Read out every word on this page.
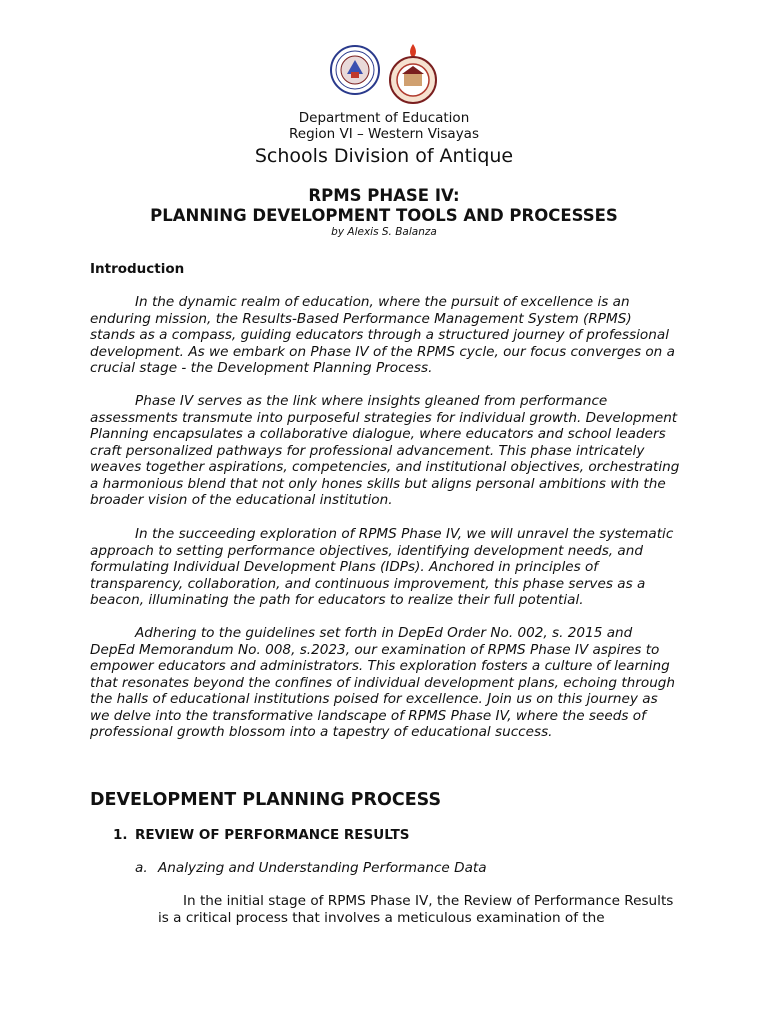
Department of Education
Region VI – Western Visayas
Schools Division of Antique
RPMS PHASE IV:
PLANNING DEVELOPMENT TOOLS AND PROCESSES
by Alexis S. Balanza
Introduction

In the dynamic realm of education, where the pursuit of excellence is an enduring mission, the Results-Based Performance Management System (RPMS) stands as a compass, guiding educators through a structured journey of professional development. As we embark on Phase IV of the RPMS cycle, our focus converges on a crucial stage - the Development Planning Process.

Phase IV serves as the link where insights gleaned from performance assessments transmute into purposeful strategies for individual growth. Development Planning encapsulates a collaborative dialogue, where educators and school leaders craft personalized pathways for professional advancement. This phase intricately weaves together aspirations, competencies, and institutional objectives, orchestrating a harmonious blend that not only hones skills but aligns personal ambitions with the broader vision of the educational institution.

In the succeeding exploration of RPMS Phase IV, we will unravel the systematic approach to setting performance objectives, identifying development needs, and formulating Individual Development Plans (IDPs). Anchored in principles of transparency, collaboration, and continuous improvement, this phase serves as a beacon, illuminating the path for educators to realize their full potential.

Adhering to the guidelines set forth in DepEd Order No. 002, s. 2015 and DepEd Memorandum No. 008, s.2023, our examination of RPMS Phase IV aspires to empower educators and administrators. This exploration fosters a culture of learning that resonates beyond the confines of individual development plans, echoing through the halls of educational institutions poised for excellence. Join us on this journey as we delve into the transformative landscape of RPMS Phase IV, where the seeds of professional growth blossom into a tapestry of educational success.

DEVELOPMENT PLANNING PROCESS
1. REVIEW OF PERFORMANCE RESULTS
a. Analyzing and Understanding Performance Data

In the initial stage of RPMS Phase IV, the Review of Performance Results is a critical process that involves a meticulous examination of the
